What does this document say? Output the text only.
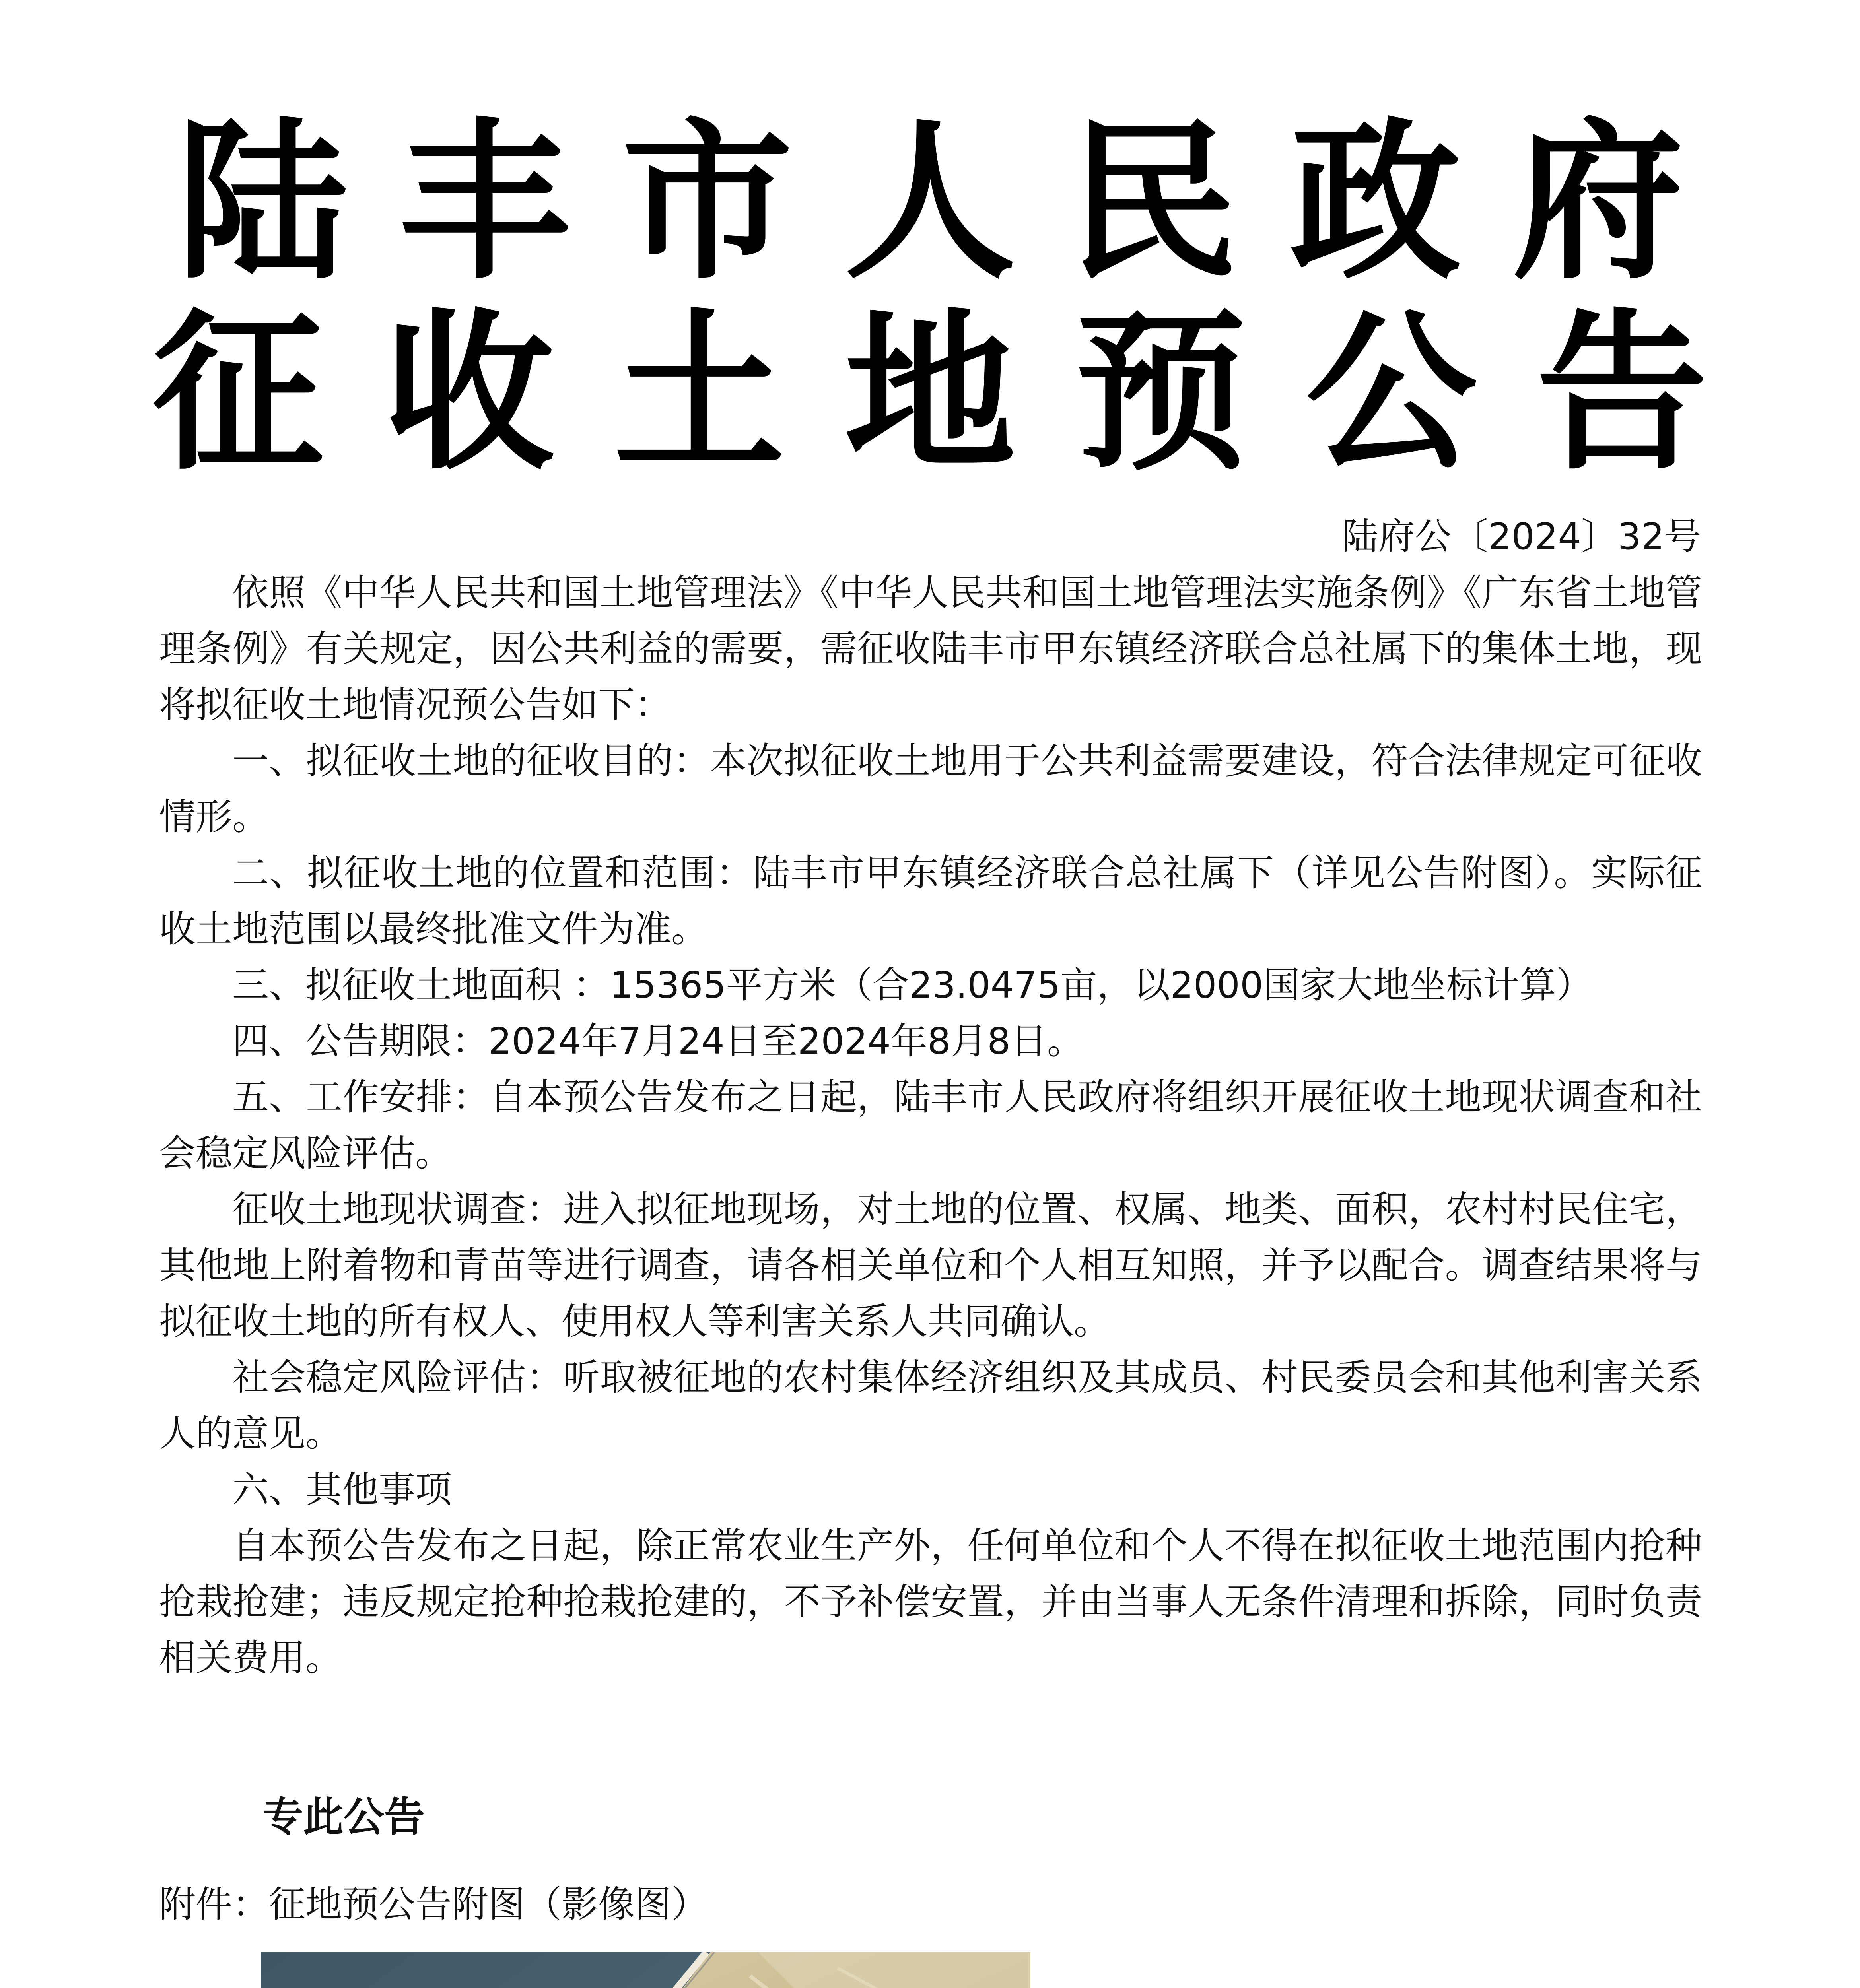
陆丰市人民政府
征收土地预公告
陆府公〔2024〕32号

依照《中华人民共和国土地管理法》《中华人民共和国土地管理法实施条例》《广东省土地管理条例》有关规定，因公共利益的需要，需征收陆丰市甲东镇经济联合总社属下的集体土地，现将拟征收土地情况预公告如下：

一、拟征收土地的征收目的：本次拟征收土地用于公共利益需要建设，符合法律规定可征收情形。

二、拟征收土地的位置和范围：陆丰市甲东镇经济联合总社属下（详见公告附图）。实际征收土地范围以最终批准文件为准。

三、拟征收土地面积 ：15365平方米（合23.0475亩，以2000国家大地坐标计算）

四、公告期限：2024年7月24日至2024年8月8日。

五、工作安排：自本预公告发布之日起，陆丰市人民政府将组织开展征收土地现状调查和社会稳定风险评估。

征收土地现状调查：进入拟征地现场，对土地的位置、权属、地类、面积，农村村民住宅，其他地上附着物和青苗等进行调查，请各相关单位和个人相互知照，并予以配合。调查结果将与拟征收土地的所有权人、使用权人等利害关系人共同确认。

社会稳定风险评估：听取被征地的农村集体经济组织及其成员、村民委员会和其他利害关系人的意见。

六、其他事项

自本预公告发布之日起，除正常农业生产外，任何单位和个人不得在拟征收土地范围内抢种抢栽抢建；违反规定抢种抢栽抢建的，不予补偿安置，并由当事人无条件清理和拆除，同时负责相关费用。

专此公告
附件：征地预公告附图（影像图）
